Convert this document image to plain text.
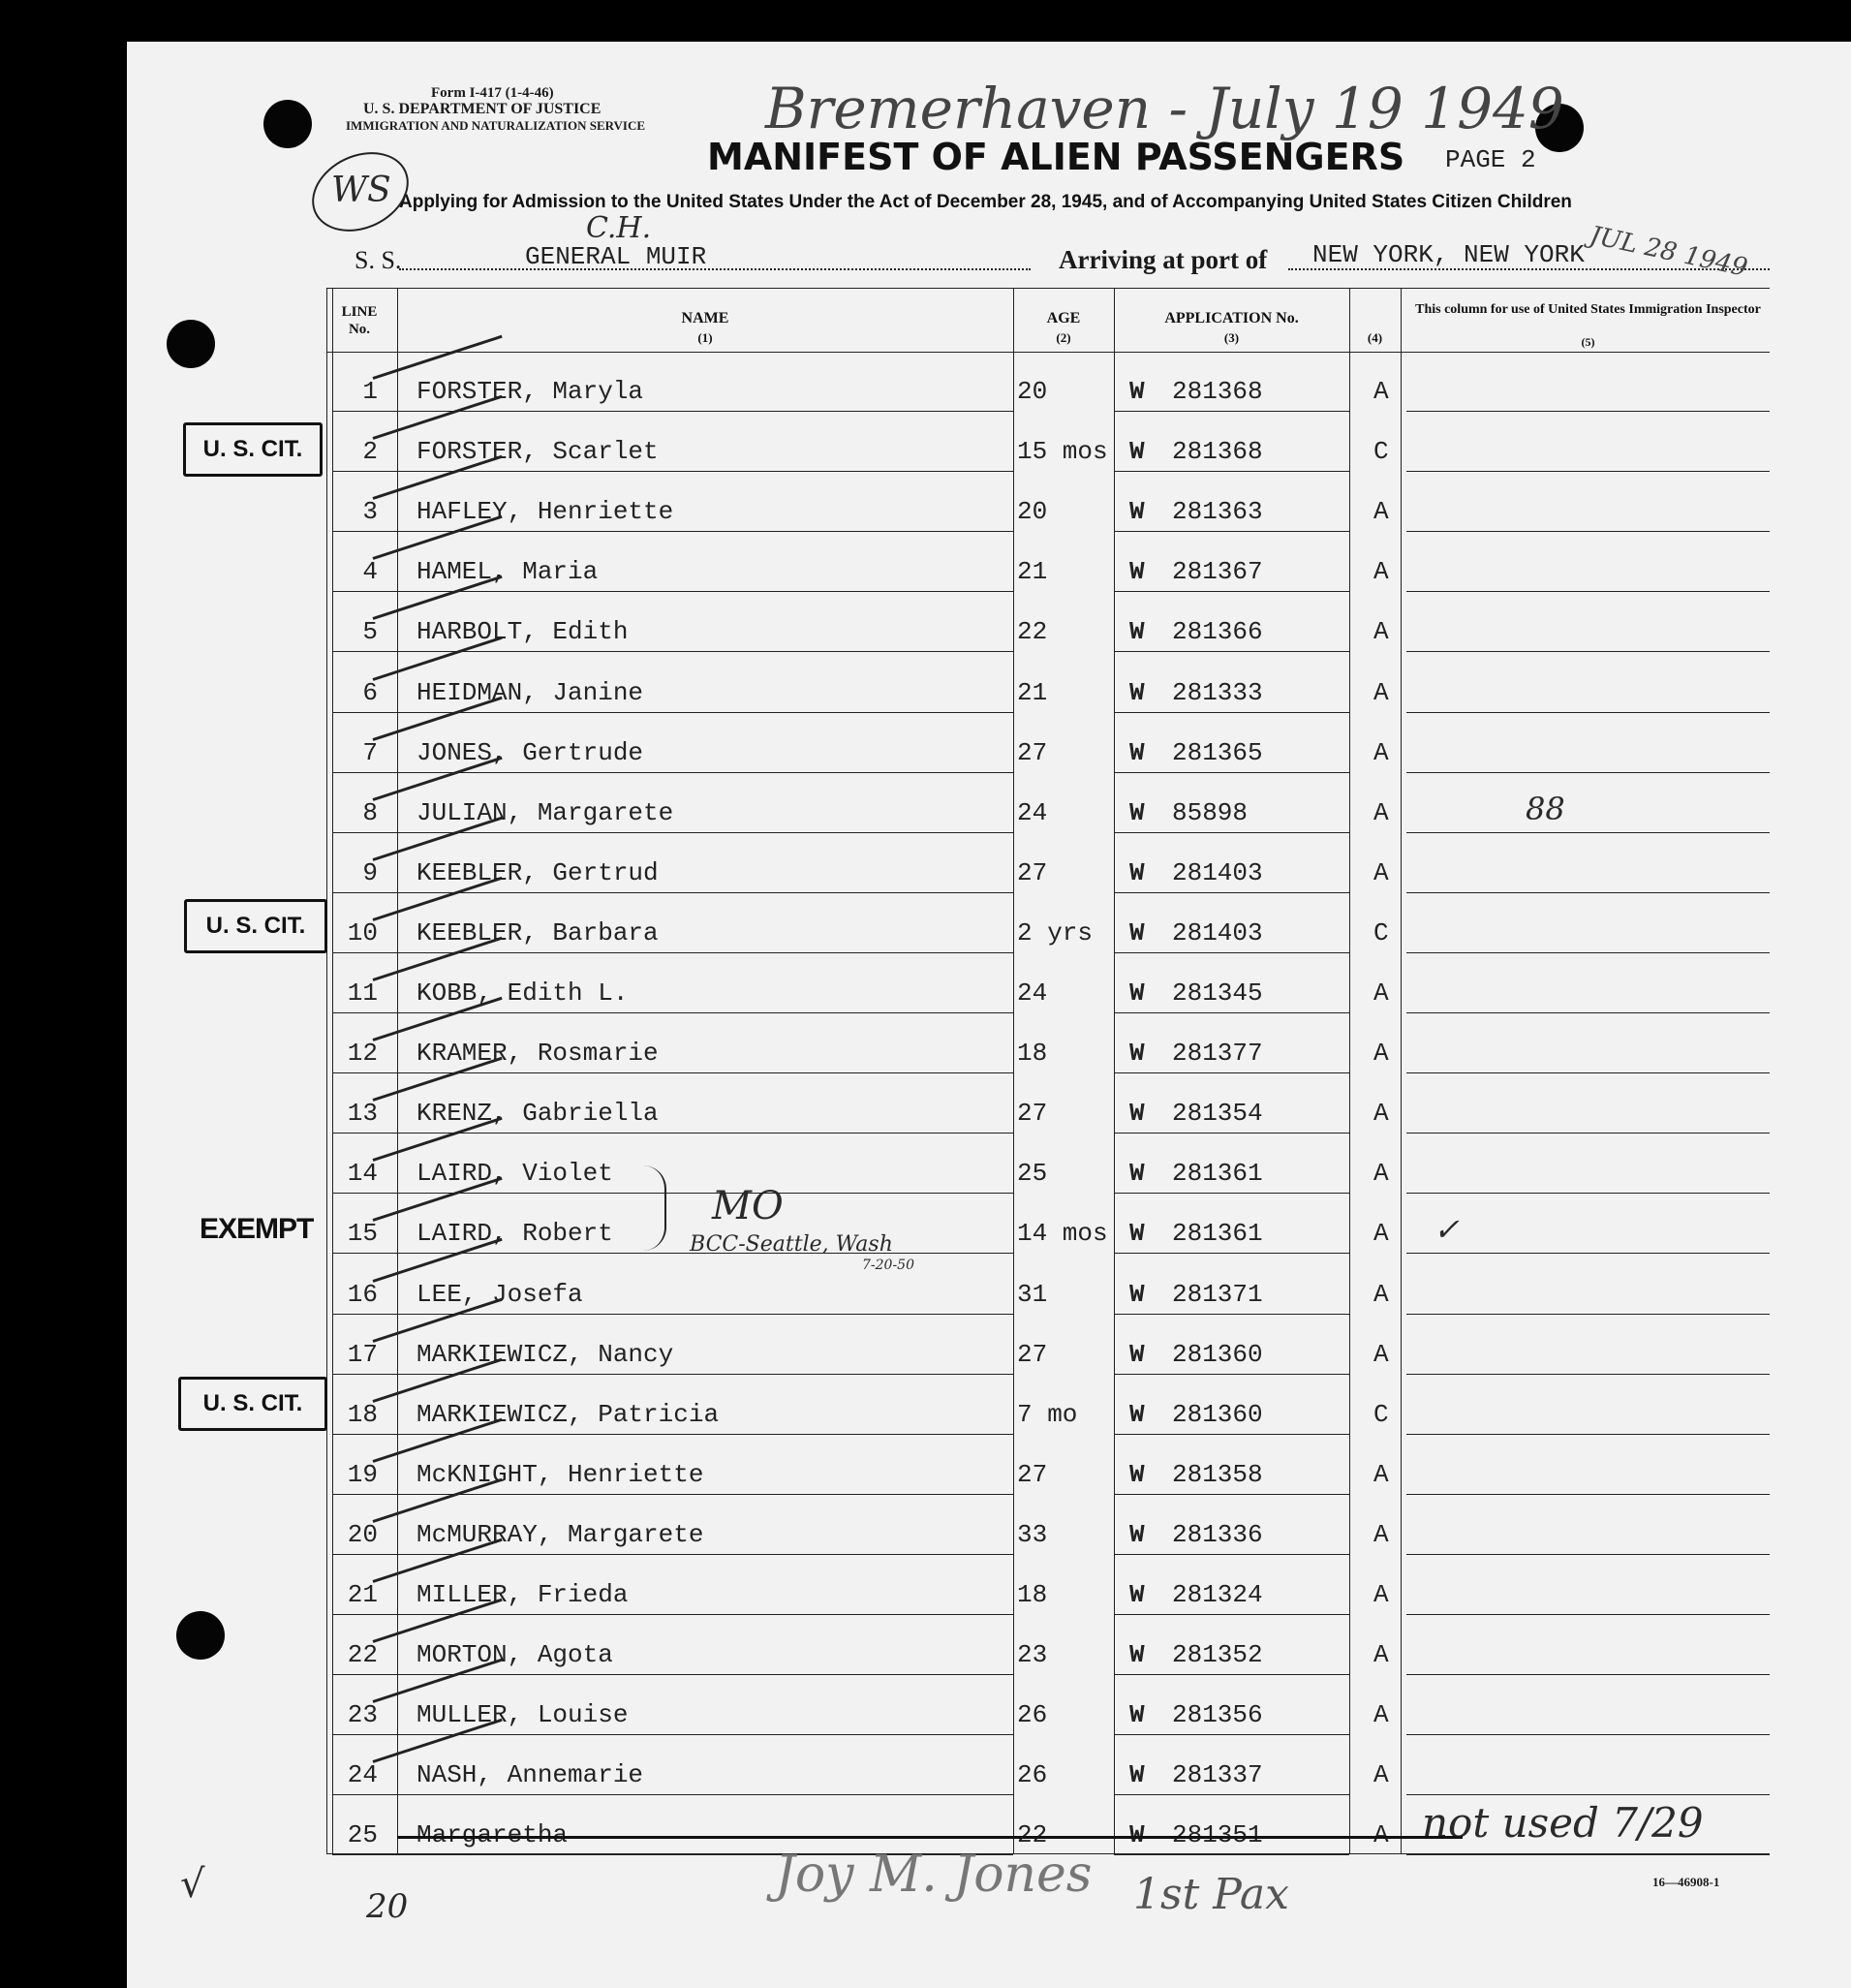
Form I-417 (1-4-46)
U. S. DEPARTMENT OF JUSTICE
IMMIGRATION AND NATURALIZATION SERVICE
MANIFEST OF ALIEN PASSENGERS PAGE 2
Applying for Admission to the United States Under the Act of December 28, 1945, and of Accompanying United States Citizen Children
Bremerhaven - July 19 1949
C.H.
WS
S. S.	GENERAL MUIR	Arriving at port of NEW YORK, NEW YORK JUL 28 1949
LINE No.
NAME
(1)
AGE
(2)
APPLICATION No.
(3)	(4)
This column for use of United States Immigration Inspector
(5)
1 FORSTER, Maryla	20	W 281368	A
2 FORSTER, Scarlet	15 mos W 281368	C
3 HAFLEY, Henriette	20	W 281363	A
4 HAMEL, Maria	21	W 281367	A
5 HARBOLT, Edith	22	W 281366	A
6 HEIDMAN, Janine	21	W 281333	A
7 JONES, Gertrude	27	W 281365	A
8 JULIAN, Margarete	24	W 85898	A	88
9 KEEBLER, Gertrud	27	W 281403	A
10 KEEBLER, Barbara	2 yrs	W 281403	C
11 KOBB, Edith L.	24	W 281345	A
12 KRAMER, Rosmarie	18	W 281377	A
13 KRENZ, Gabriella	27	W 281354	A
14 LAIRD, Violet	25	W 281361	A
15 LAIRD, Robert	14 mos W 281361	A ✓
16 LEE, Josefa	31	W 281371	A
17 MARKIEWICZ, Nancy	27	W 281360	A
18 MARKIEWICZ, Patricia	7 mo	W 281360	C
19 McKNIGHT, Henriette	27	W 281358	A
20 McMURRAY, Margarete	33	W 281336	A
21 MILLER, Frieda	18	W 281324	A
22 MORTON, Agota	23	W 281352	A
23 MULLER, Louise	26	W 281356	A
24 NASH, Annemarie	26	W 281337	A
25 Margaretha	22	W 281351	A not used 7/29
U. S. CIT.
U. S. CIT.
U. S. CIT.
EXEMPT
MO
BCC-Seattle, Wash
7-20-50
√	20
Joy M. Jones 1st Pax	16—46908-1
